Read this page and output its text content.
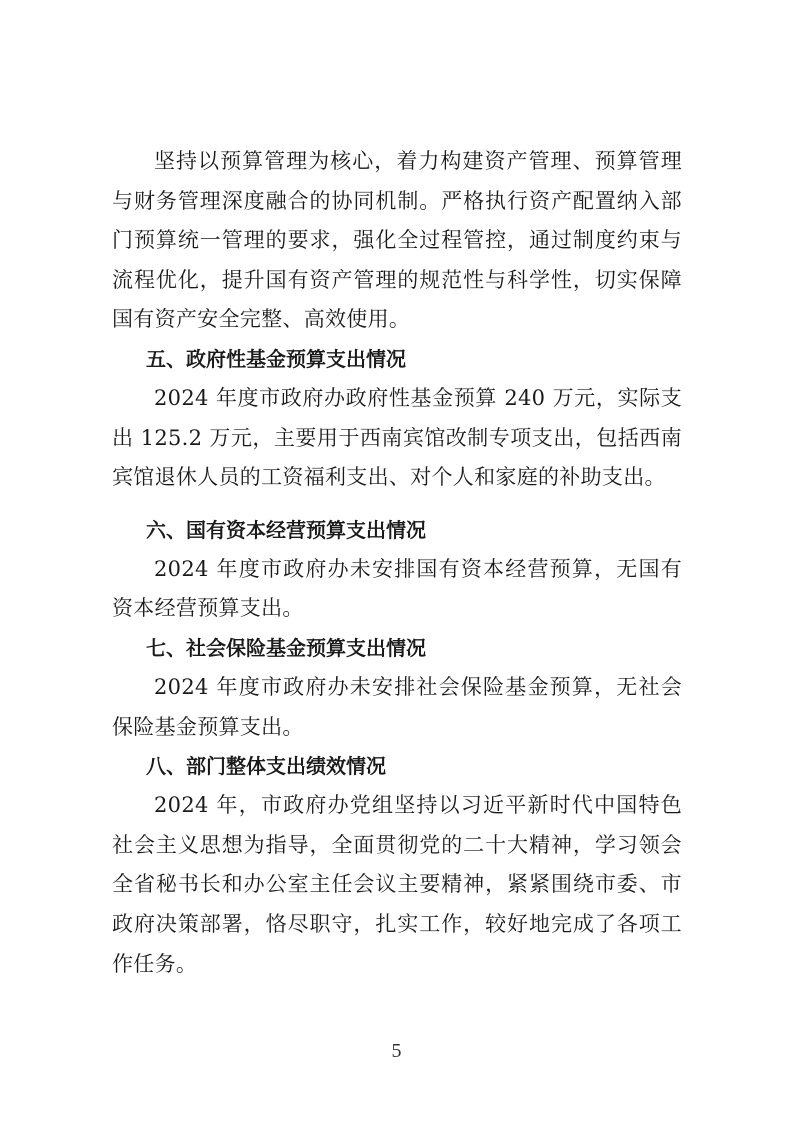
坚持以预算管理为核心，着力构建资产管理、预算管理与财务管理深度融合的协同机制。严格执行资产配置纳入部门预算统一管理的要求，强化全过程管控，通过制度约束与流程优化，提升国有资产管理的规范性与科学性，切实保障国有资产安全完整、高效使用。

五、政府性基金预算支出情况

2024 年度市政府办政府性基金预算 240 万元，实际支出 125.2 万元，主要用于西南宾馆改制专项支出，包括西南宾馆退休人员的工资福利支出、对个人和家庭的补助支出。

六、国有资本经营预算支出情况

2024 年度市政府办未安排国有资本经营预算，无国有资本经营预算支出。

七、社会保险基金预算支出情况

2024 年度市政府办未安排社会保险基金预算，无社会保险基金预算支出。

八、部门整体支出绩效情况

2024 年，市政府办党组坚持以习近平新时代中国特色社会主义思想为指导，全面贯彻党的二十大精神，学习领会全省秘书长和办公室主任会议主要精神，紧紧围绕市委、市政府决策部署，恪尽职守，扎实工作，较好地完成了各项工作任务。

5
